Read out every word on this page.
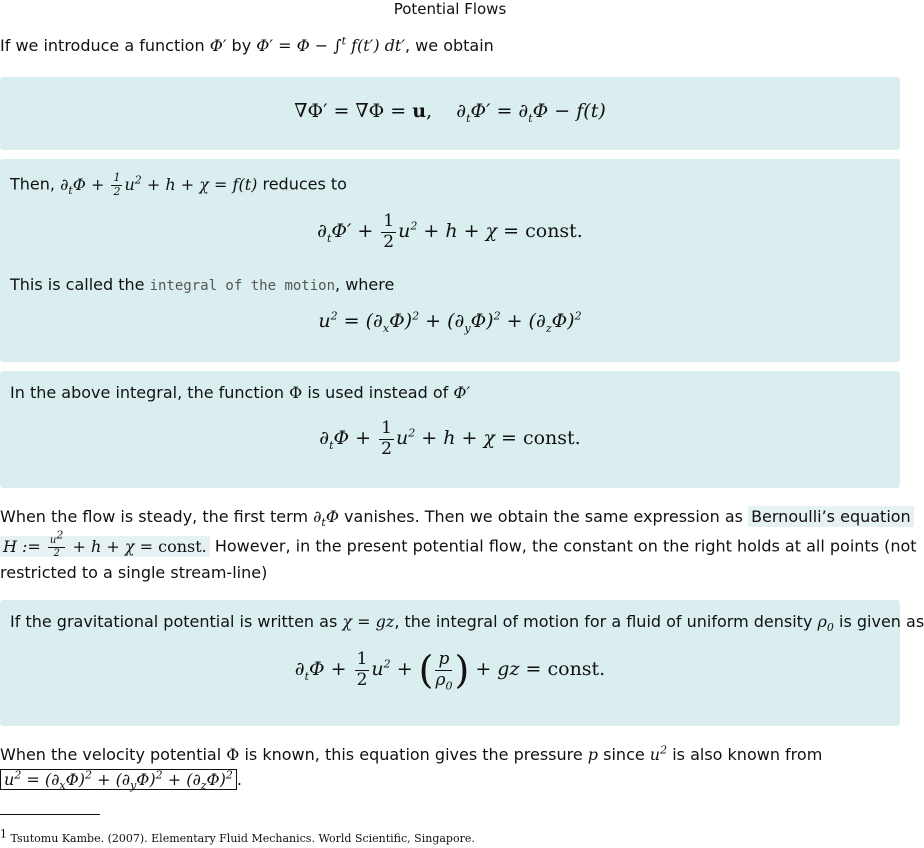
Potential Flows
If we introduce a function Φ′ by Φ′ = Φ − ∫$^t$ f(t′) dt′, we obtain
∇Φ′ = ∇Φ = u,    $\partial_t\Phi' = \partial_t\Phi - f(t)$
Then, $\partial_t\Phi + \frac{1}{2} u^2 + h + \chi = f(t)$ reduces to
$\partial_t\Phi' + \frac{1}{2} u^2 + h + \chi$ = const.
This is called the integral of the motion, where
$u^2 = (\partial_x\Phi)^2 + (\partial_y\Phi)^2 + (\partial_z\Phi)^2$
In the above integral, the function Φ is used instead of Φ′
$\partial_t\Phi + \frac{1}{2} u^2 + h + \chi$ = const.
When the flow is steady, the first term $\partial_t\Phi$ vanishes. Then we obtain the same expression as Bernoulli’s equation
H := $\frac{u^2}{2} + h + \chi$ = const. However, in the present potential flow, the constant on the right holds at all points (not
restricted to a single stream-line)
If the gravitational potential is written as χ = gz, the integral of motion for a fluid of uniform density $\rho_0$ is given as
$\partial_t\Phi + \frac{1}{2} u^2$ + ( $\frac{p}{\rho_0}$ ) + gz = const.
When the velocity potential Φ is known, this equation gives the pressure p since $u^2$ is also known from
$u^2 = (\partial_x\Phi)^2 + (\partial_y\Phi)^2 + (\partial_z\Phi)^2$ .
$^1$ Tsutomu Kambe. (2007). Elementary Fluid Mechanics. World Scientific, Singapore.
